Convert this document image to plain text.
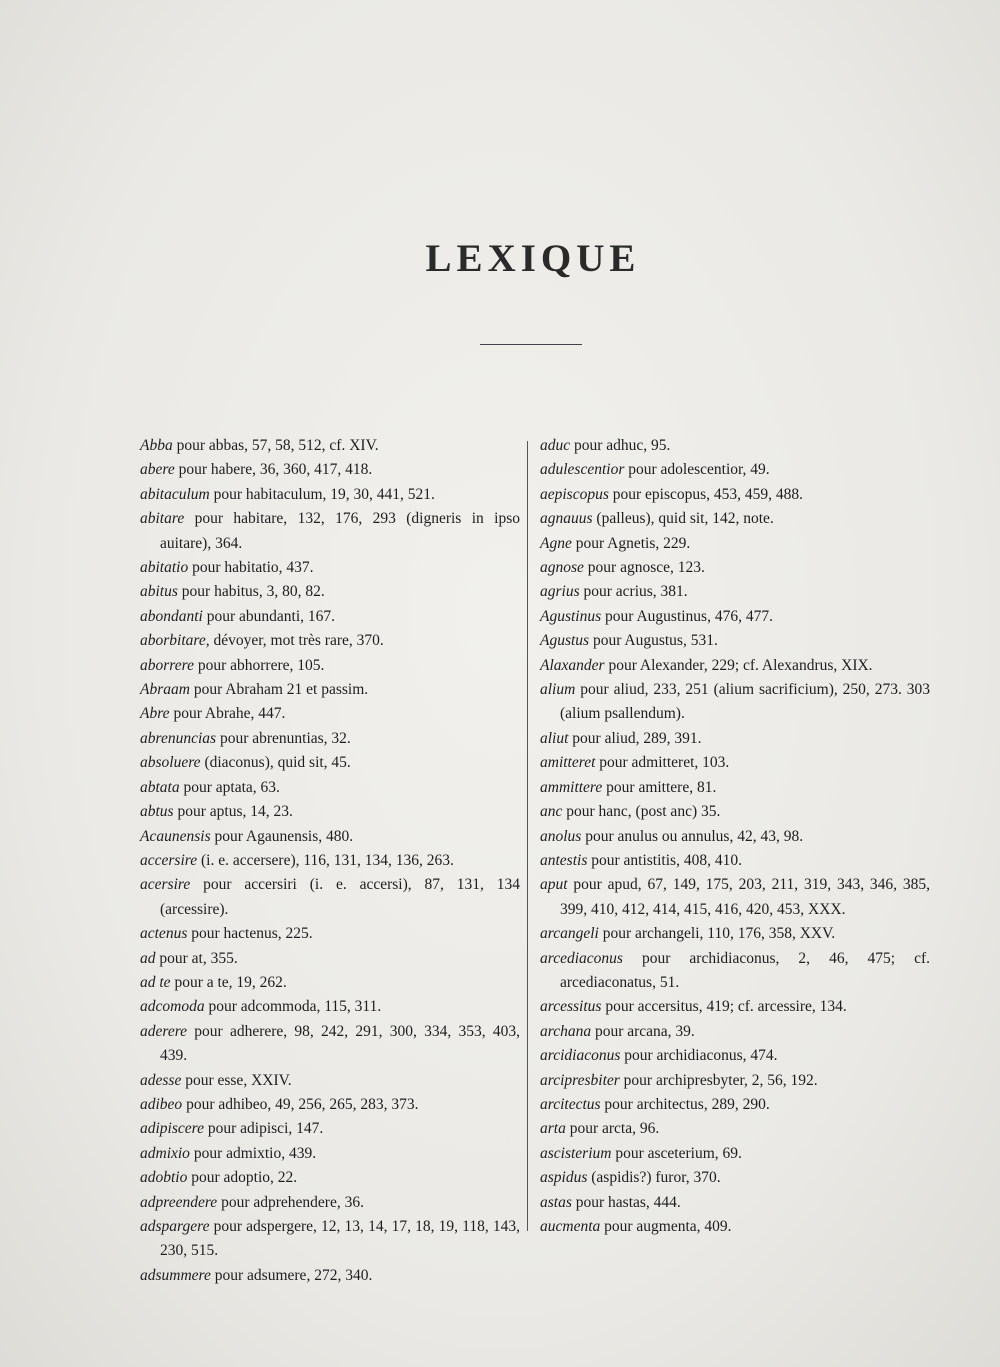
LEXIQUE

Abba pour abbas, 57, 58, 512, cf. XIV.

abere pour habere, 36, 360, 417, 418.

abitaculum pour habitaculum, 19, 30, 441, 521.

abitare pour habitare, 132, 176, 293 (digneris in ipso auitare), 364.

abitatio pour habitatio, 437.

abitus pour habitus, 3, 80, 82.

abondanti pour abundanti, 167.

aborbitare, dévoyer, mot très rare, 370.

aborrere pour abhorrere, 105.

Abraam pour Abraham 21 et passim.

Abre pour Abrahe, 447.

abrenuncias pour abrenuntias, 32.

absoluere (diaconus), quid sit, 45.

abtata pour aptata, 63.

abtus pour aptus, 14, 23.

Acaunensis pour Agaunensis, 480.

accersire (i. e. accersere), 116, 131, 134, 136, 263.

acersire pour accersiri (i. e. accersi), 87, 131, 134 (arcessire).

actenus pour hactenus, 225.

ad pour at, 355.

ad te pour a te, 19, 262.

adcomoda pour adcommoda, 115, 311.

aderere pour adherere, 98, 242, 291, 300, 334, 353, 403, 439.

adesse pour esse, XXIV.

adibeo pour adhibeo, 49, 256, 265, 283, 373.

adipiscere pour adipisci, 147.

admixio pour admixtio, 439.

adobtio pour adoptio, 22.

adpreendere pour adprehendere, 36.

adspargere pour adspergere, 12, 13, 14, 17, 18, 19, 118, 143, 230, 515.

adsummere pour adsumere, 272, 340.

aduc pour adhuc, 95.

adulescentior pour adolescentior, 49.

aepiscopus pour episcopus, 453, 459, 488.

agnauus (palleus), quid sit, 142, note.

Agne pour Agnetis, 229.

agnose pour agnosce, 123.

agrius pour acrius, 381.

Agustinus pour Augustinus, 476, 477.

Agustus pour Augustus, 531.

Alaxander pour Alexander, 229; cf. Alexandrus, XIX.

alium pour aliud, 233, 251 (alium sacrificium), 250, 273. 303 (alium psallendum).

aliut pour aliud, 289, 391.

amitteret pour admitteret, 103.

ammittere pour amittere, 81.

anc pour hanc, (post anc) 35.

anolus pour anulus ou annulus, 42, 43, 98.

antestis pour antistitis, 408, 410.

aput pour apud, 67, 149, 175, 203, 211, 319, 343, 346, 385, 399, 410, 412, 414, 415, 416, 420, 453, XXX.

arcangeli pour archangeli, 110, 176, 358, XXV.

arcediaconus pour archidiaconus, 2, 46, 475; cf. arcediaconatus, 51.

arcessitus pour accersitus, 419; cf. arcessire, 134.

archana pour arcana, 39.

arcidiaconus pour archidiaconus, 474.

arcipresbiter pour archipresbyter, 2, 56, 192.

arcitectus pour architectus, 289, 290.

arta pour arcta, 96.

ascisterium pour asceterium, 69.

aspidus (aspidis?) furor, 370.

astas pour hastas, 444.

aucmenta pour augmenta, 409.
